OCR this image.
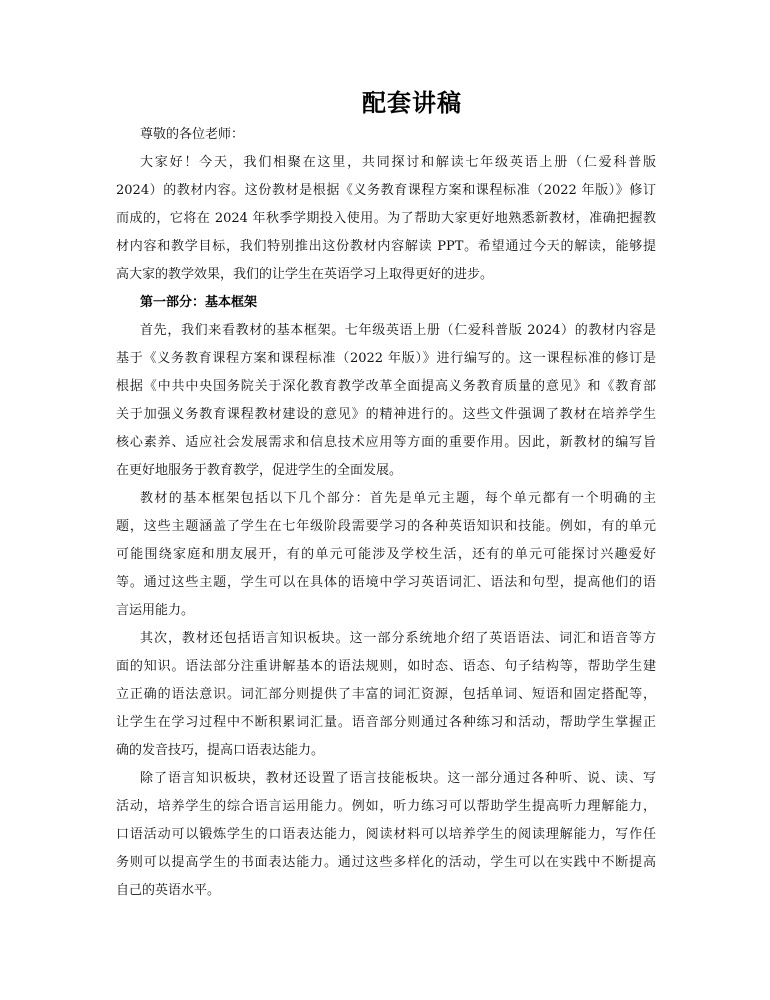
配套讲稿
尊敬的各位老师：
大家好！今天，我们相聚在这里，共同探讨和解读七年级英语上册（仁爱科普版
2024）的教材内容。这份教材是根据《义务教育课程方案和课程标准（2022 年版）》修订
而成的，它将在 2024 年秋季学期投入使用。为了帮助大家更好地熟悉新教材，准确把握教
材内容和教学目标，我们特别推出这份教材内容解读 PPT。希望通过今天的解读，能够提
高大家的教学效果，我们的让学生在英语学习上取得更好的进步。
第一部分：基本框架
首先，我们来看教材的基本框架。七年级英语上册（仁爱科普版 2024）的教材内容是
基于《义务教育课程方案和课程标准（2022 年版）》进行编写的。这一课程标准的修订是
根据《中共中央国务院关于深化教育教学改革全面提高义务教育质量的意见》和《教育部
关于加强义务教育课程教材建设的意见》的精神进行的。这些文件强调了教材在培养学生
核心素养、适应社会发展需求和信息技术应用等方面的重要作用。因此，新教材的编写旨
在更好地服务于教育教学，促进学生的全面发展。
教材的基本框架包括以下几个部分：首先是单元主题，每个单元都有一个明确的主
题，这些主题涵盖了学生在七年级阶段需要学习的各种英语知识和技能。例如，有的单元
可能围绕家庭和朋友展开，有的单元可能涉及学校生活，还有的单元可能探讨兴趣爱好
等。通过这些主题，学生可以在具体的语境中学习英语词汇、语法和句型，提高他们的语
言运用能力。
其次，教材还包括语言知识板块。这一部分系统地介绍了英语语法、词汇和语音等方
面的知识。语法部分注重讲解基本的语法规则，如时态、语态、句子结构等，帮助学生建
立正确的语法意识。词汇部分则提供了丰富的词汇资源，包括单词、短语和固定搭配等，
让学生在学习过程中不断积累词汇量。语音部分则通过各种练习和活动，帮助学生掌握正
确的发音技巧，提高口语表达能力。
除了语言知识板块，教材还设置了语言技能板块。这一部分通过各种听、说、读、写
活动，培养学生的综合语言运用能力。例如，听力练习可以帮助学生提高听力理解能力，
口语活动可以锻炼学生的口语表达能力，阅读材料可以培养学生的阅读理解能力，写作任
务则可以提高学生的书面表达能力。通过这些多样化的活动，学生可以在实践中不断提高
自己的英语水平。
